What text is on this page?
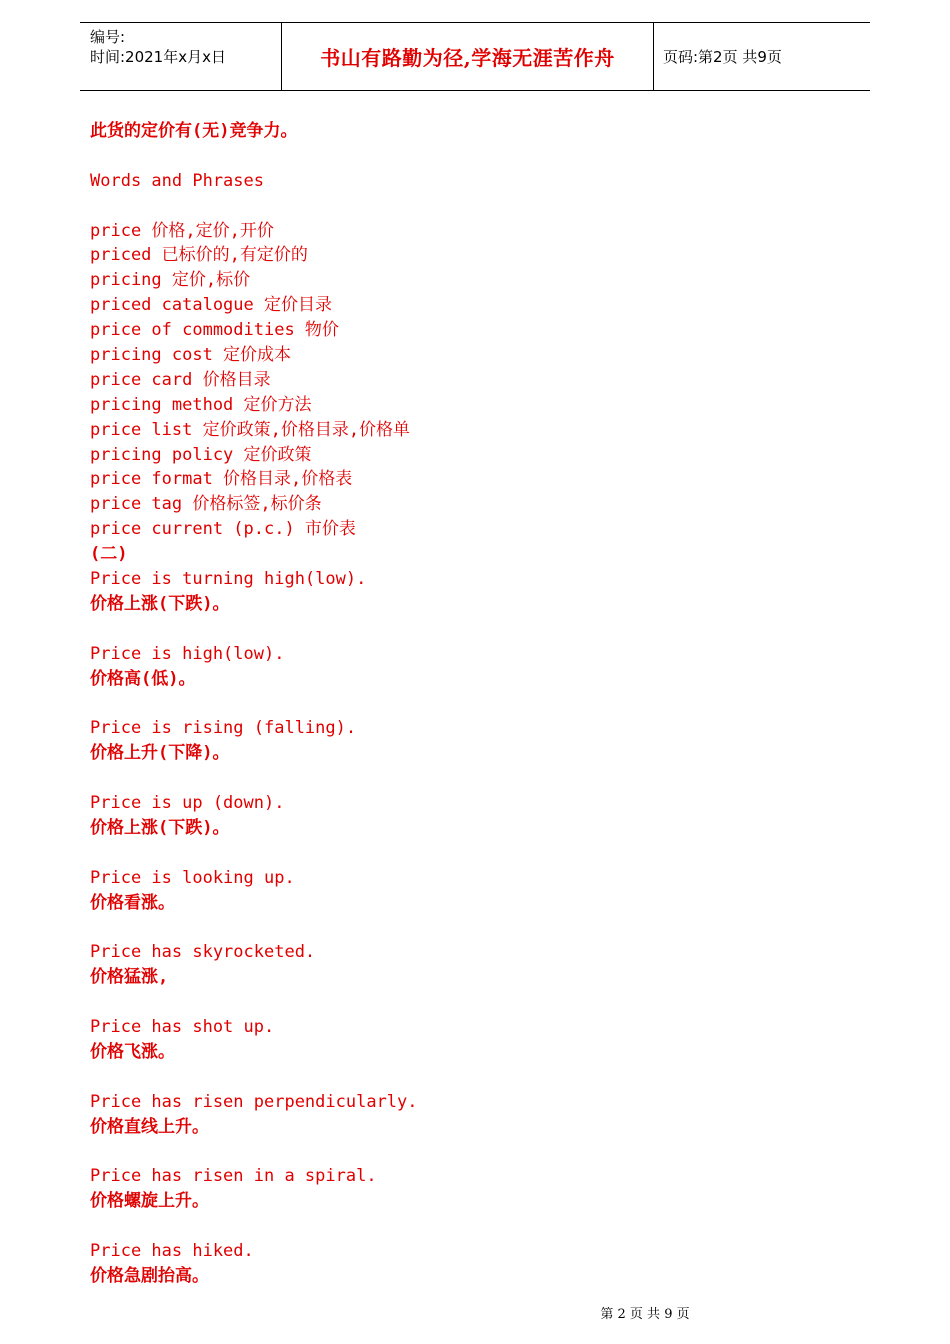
编号:
时间:2021年x月x日	书山有路勤为径,学海无涯苦作舟	页码:第2页 共9页
此货的定价有(无)竞争力。
Words and Phrases
price 价格,定价,开价
priced 已标价的,有定价的
pricing 定价,标价
priced catalogue 定价目录
price of commodities 物价
pricing cost 定价成本
price card 价格目录
pricing method 定价方法
price list 定价政策,价格目录,价格单
pricing policy 定价政策
price format 价格目录,价格表
price tag 价格标签,标价条
price current (p.c.) 市价表
(二)
Price is turning high(low).
价格上涨(下跌)。
Price is high(low).
价格高(低)。
Price is rising (falling).
价格上升(下降)。
Price is up (down).
价格上涨(下跌)。
Price is looking up.
价格看涨。
Price has skyrocketed.
价格猛涨,
Price has shot up.
价格飞涨。
Price has risen perpendicularly.
价格直线上升。
Price has risen in a spiral.
价格螺旋上升。
Price has hiked.
价格急剧抬高。
第 2 页 共 9 页
